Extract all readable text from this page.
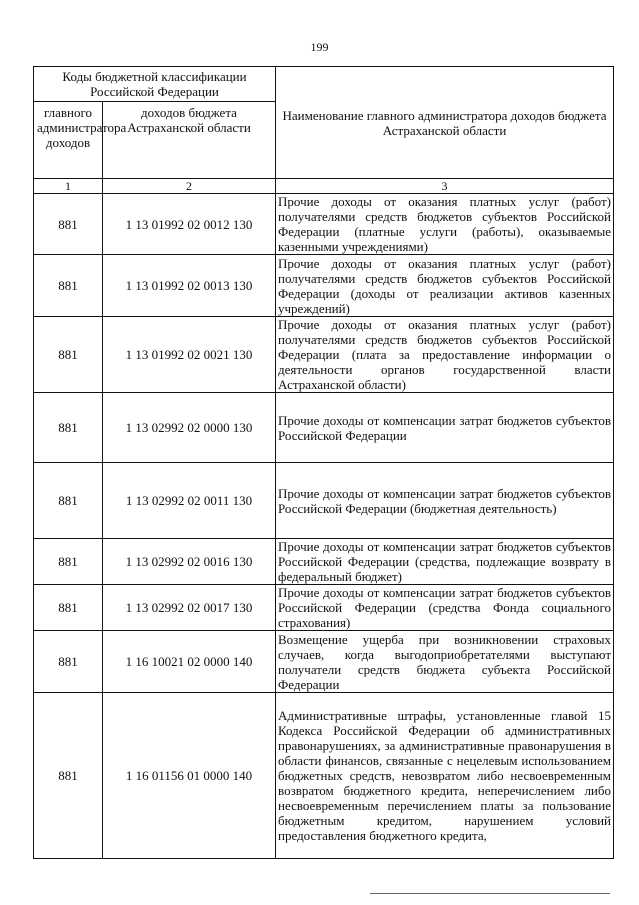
199
Коды бюджетной классификации Российской Федерации		Наименование главного администратора доходов бюджета Астраханской области
главного администратора доходов	доходов бюджета Астраханской области	
1	2	3
881	1 13 01992 02 0012 130	Прочие доходы от оказания платных услуг (работ) получателями средств бюджетов субъектов Российской Федерации (платные услуги (работы), оказываемые казенными учреждениями)
881	1 13 01992 02 0013 130	Прочие доходы от оказания платных услуг (работ) получателями средств бюджетов субъектов Российской Федерации (доходы от реализации активов казенных учреждений)
881	1 13 01992 02 0021 130	Прочие доходы от оказания платных услуг (работ) получателями средств бюджетов субъектов Российской Федерации (плата за предоставление информации о деятельности органов государственной власти Астраханской области)
881	1 13 02992 02 0000 130	Прочие доходы от компенсации затрат бюджетов субъектов Российской Федерации
881	1 13 02992 02 0011 130	Прочие доходы от компенсации затрат бюджетов субъектов Российской Федерации (бюджетная деятельность)
881	1 13 02992 02 0016 130	Прочие доходы от компенсации затрат бюджетов субъектов Российской Федерации (средства, подлежащие возврату в федеральный бюджет)
881	1 13 02992 02 0017 130	Прочие доходы от компенсации затрат бюджетов субъектов Российской Федерации (средства Фонда социального страхования)
881	1 16 10021 02 0000 140	Возмещение ущерба при возникновении страховых случаев, когда выгодоприобретателями выступают получатели средств бюджета субъекта Российской Федерации
881	1 16 01156 01 0000 140	Административные штрафы, установленные главой 15 Кодекса Российской Федерации об административных правонарушениях, за административные правонарушения в области финансов, связанные с нецелевым использованием бюджетных средств, невозвратом либо несвоевременным возвратом бюджетного кредита, неперечислением либо несвоевременным перечислением платы за пользование бюджетным кредитом, нарушением условий предоставления бюджетного кредита,
